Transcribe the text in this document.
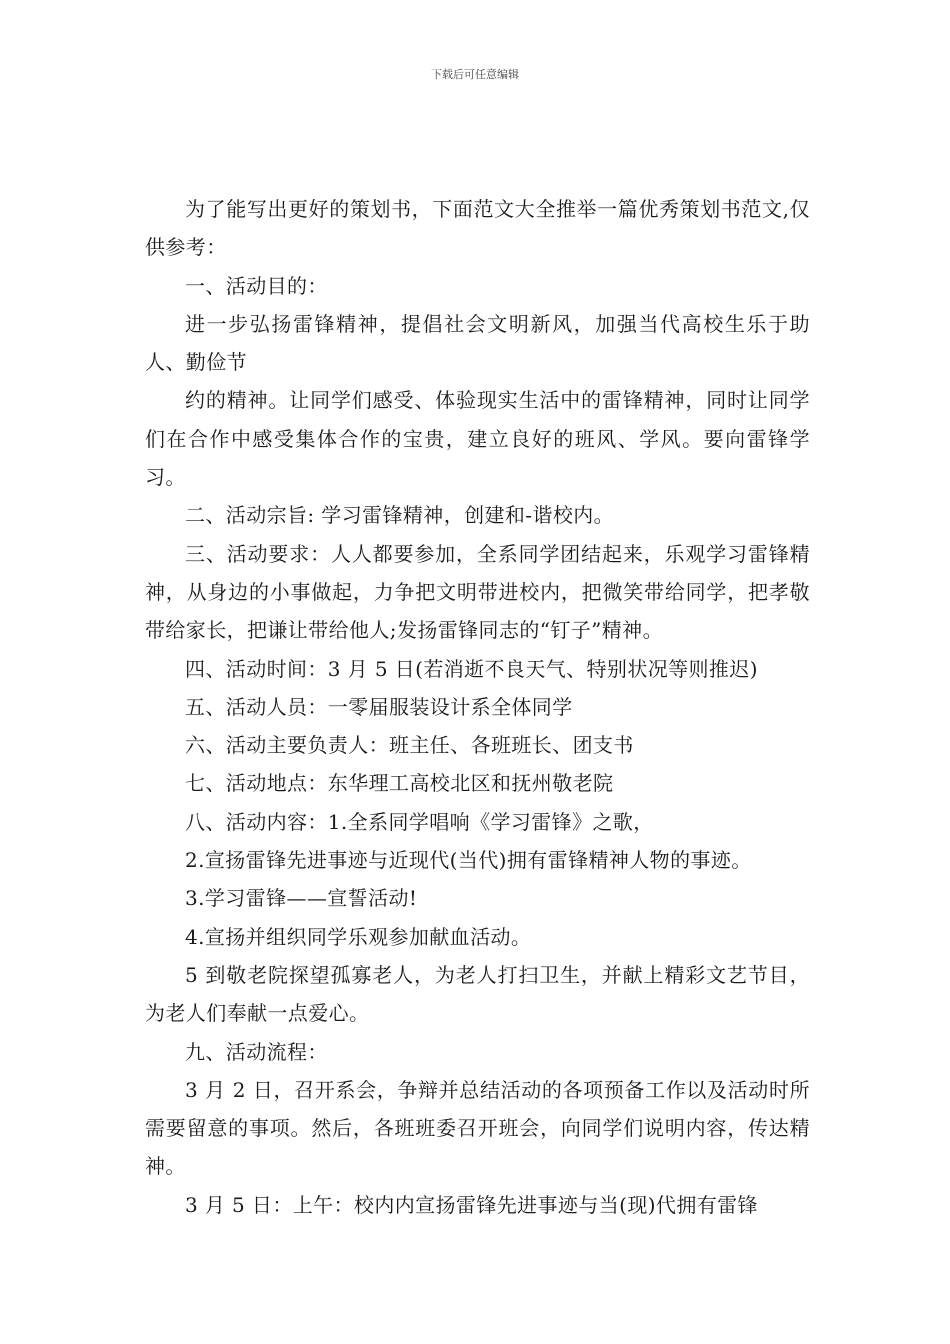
下载后可任意编辑

为了能写出更好的策划书，下面范文大全推举一篇优秀策划书范文,仅供参考：

一、活动目的：

进一步弘扬雷锋精神，提倡社会文明新风，加强当代高校生乐于助人、勤俭节

约的精神。让同学们感受、体验现实生活中的雷锋精神，同时让同学们在合作中感受集体合作的宝贵，建立良好的班风、学风。要向雷锋学习。

二、活动宗旨: 学习雷锋精神，创建和-谐校内。

三、活动要求：人人都要参加，全系同学团结起来，乐观学习雷锋精神，从身边的小事做起，力争把文明带进校内，把微笑带给同学，把孝敬带给家长，把谦让带给他人;发扬雷锋同志的“钉子”精神。

四、活动时间：3 月 5 日(若消逝不良天气、特别状况等则推迟)

五、活动人员：一零届服装设计系全体同学

六、活动主要负责人：班主任、各班班长、团支书

七、活动地点：东华理工高校北区和抚州敬老院

八、活动内容：1.全系同学唱响《学习雷锋》之歌，

2.宣扬雷锋先进事迹与近现代(当代)拥有雷锋精神人物的事迹。

3.学习雷锋——宣誓活动!

4.宣扬并组织同学乐观参加献血活动。

5 到敬老院探望孤寡老人，为老人打扫卫生，并献上精彩文艺节目，为老人们奉献一点爱心。

九、活动流程：

3 月 2 日，召开系会，争辩并总结活动的各项预备工作以及活动时所需要留意的事项。然后，各班班委召开班会，向同学们说明内容，传达精神。

3 月 5 日：上午：校内内宣扬雷锋先进事迹与当(现)代拥有雷锋
